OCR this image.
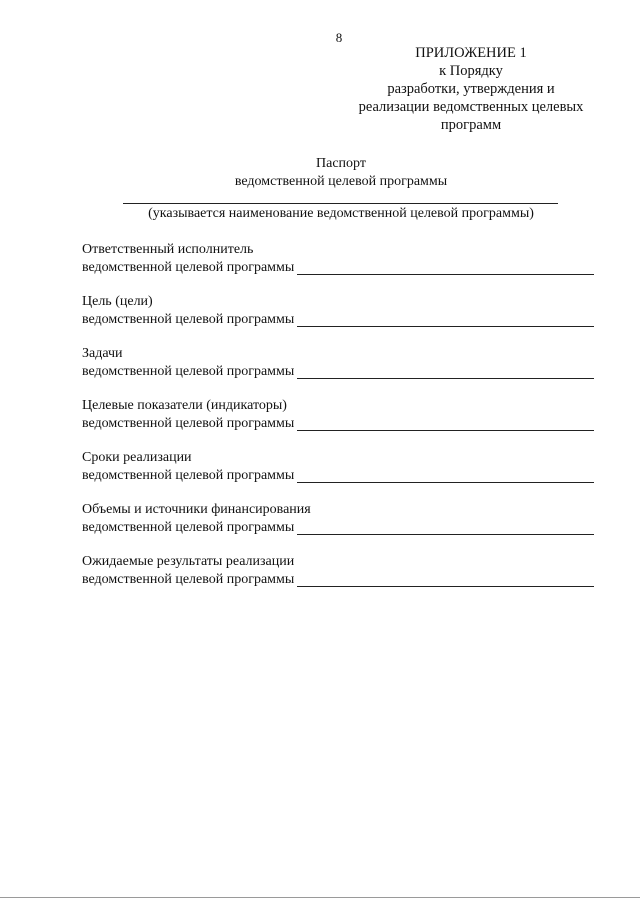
8
ПРИЛОЖЕНИЕ 1
к Порядку
разработки, утверждения и
реализации ведомственных целевых
программ
Паспорт
ведомственной целевой программы
(указывается наименование ведомственной целевой программы)
Ответственный исполнитель
ведомственной целевой программы
Цель (цели)
ведомственной целевой программы
Задачи
ведомственной целевой программы
Целевые показатели (индикаторы)
ведомственной целевой программы
Сроки реализации
ведомственной целевой программы
Объемы и источники финансирования
ведомственной целевой программы
Ожидаемые результаты реализации
ведомственной целевой программы
